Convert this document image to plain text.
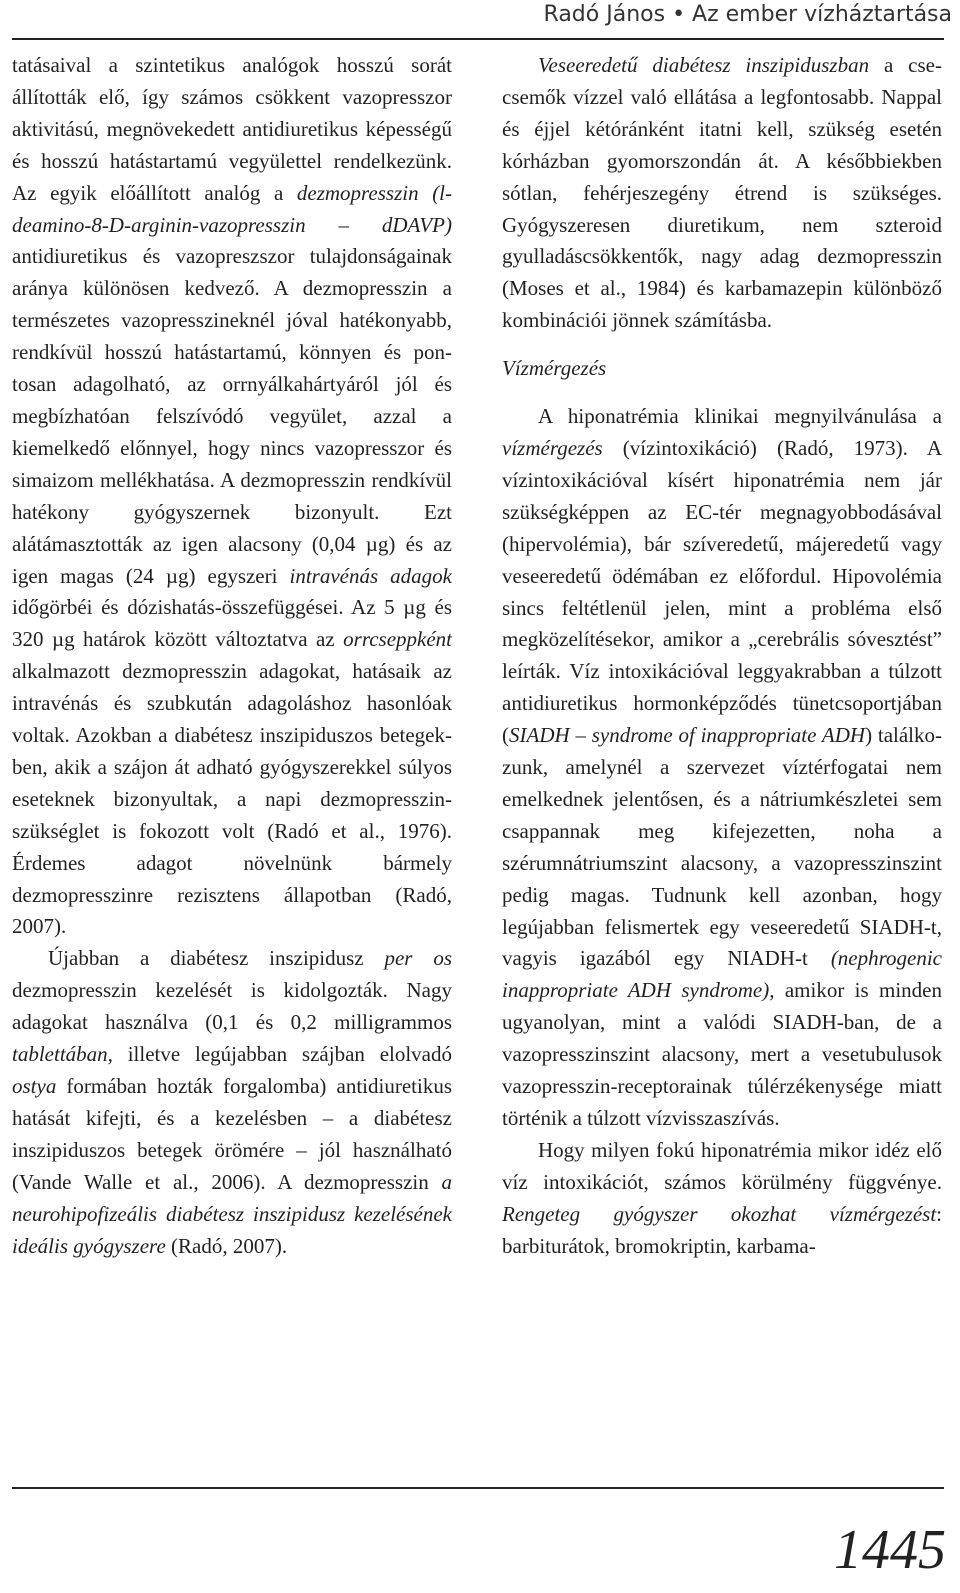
Radó János • Az ember vízháztartása

tatásaival a szintetikus analógok hosszú sorát állították elő, így számos csökkent vazopresszor aktivitású, megnövekedett antidiuretikus képességű és hosszú hatástartamú vegyülettel rendelkezünk. Az egyik előállított analóg a dezmopresszin (l-deamino-8-D-arginin-vazopresszin – dDAVP) antidiuretikus és vazopreszszor tulajdonságainak aránya különösen kedvező. A dezmopresszin a természetes vazopresszineknél jóval hatékonyabb, rendkívül hosszú hatástartamú, könnyen és pontosan adagolható, az orrnyálkahártyáról jól és megbízhatóan felszívódó vegyület, azzal a kiemelkedő előnnyel, hogy nincs vazopresszor és simaizom mellékhatása. A dezmopresszin rendkívül hatékony gyógyszernek bizonyult. Ezt alátámasztották az igen alacsony (0,04 µg) és az igen magas (24 µg) egyszeri intravénás adagok időgörbéi és dózishatás-összefüggései. Az 5 µg és 320 µg határok között változtatva az orrcseppként alkalmazott dezmopresszin adagokat, hatásaik az intravénás és szubkután adagoláshoz hasonlóak voltak. Azokban a diabétesz inszipiduszos betegekben, akik a szájon át adható gyógyszerekkel súlyos eseteknek bizonyultak, a napi dezmopresszin-szükséglet is fokozott volt (Radó et al., 1976). Érdemes adagot növelnünk bármely dezmopresszinre rezisztens állapotban (Radó, 2007).

Újabban a diabétesz inszipidusz per os dezmopresszin kezelését is kidolgozták. Nagy adagokat használva (0,1 és 0,2 milligrammos tablettában, illetve legújabban szájban elolvadó ostya formában hozták forgalomba) antidiuretikus hatását kifejti, és a kezelésben – a diabétesz inszipiduszos betegek örömére – jól használható (Vande Walle et al., 2006). A dezmopresszin a neurohipofizeális diabétesz inszipidusz kezelésének ideális gyógyszere (Radó, 2007).

Veseeredetű diabétesz inszipiduszban a csecsemők vízzel való ellátása a legfontosabb. Nappal és éjjel kétóránként itatni kell, szükség esetén kórházban gyomorszondán át. A későbbiekben sótlan, fehérjeszegény étrend is szükséges. Gyógyszeresen diuretikum, nem szteroid gyulladáscsökkentők, nagy adag dezmopresszin (Moses et al., 1984) és karbamazepin különböző kombinációi jönnek számításba.

Vízmérgezés

A hiponatrémia klinikai megnyilvánulása a vízmérgezés (vízintoxikáció) (Radó, 1973). A vízintoxikációval kísért hiponatrémia nem jár szükségképpen az EC-tér megnagyobbodásával (hipervolémia), bár szíveredetű, májeredetű vagy veseeredetű ödémában ez előfordul. Hipovolémia sincs feltétlenül jelen, mint a probléma első megközelítésekor, amikor a „cerebrális sóvesztést” leírták. Víz intoxikációval leggyakrabban a túlzott antidiuretikus hormonképződés tünetcsoportjában (SIADH – syndrome of inappropriate ADH) találkozunk, amelynél a szervezet víztérfogatai nem emelkednek jelentősen, és a nátriumkészletei sem csappannak meg kifejezetten, noha a szérumnátriumszint alacsony, a vazopresszinszint pedig magas. Tudnunk kell azonban, hogy legújabban felismertek egy veseeredetű SIADH-t, vagyis igazából egy NIADH-t (nephrogenic inappropriate ADH syndrome), amikor is minden ugyanolyan, mint a valódi SIADH-ban, de a vazopresszinszint alacsony, mert a vesetubulusok vazopresszin-receptorainak túlérzékenysége miatt történik a túlzott vízvisszaszívás.

Hogy milyen fokú hiponatrémia mikor idéz elő víz intoxikációt, számos körülmény függvénye. Rengeteg gyógyszer okozhat vízmérgezést: barbiturátok, bromokriptin, karbama-

1445
